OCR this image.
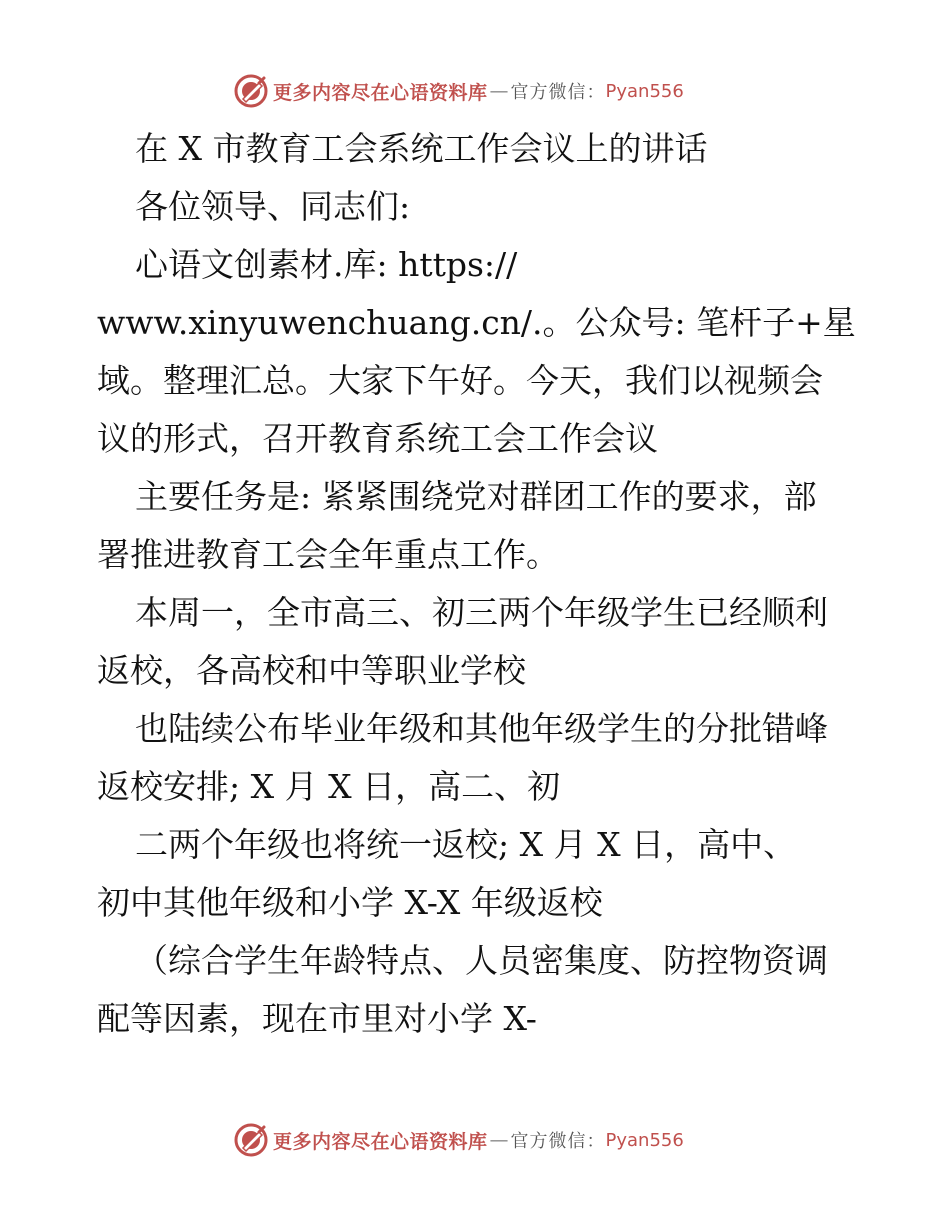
更多内容尽在心语资料库 — 官方微信： Pyan556
在 X 市教育工会系统工作会议上的讲话
各位领导、同志们:
心语文创素材.库: https://
www.xinyuwenchuang.cn/.。公众号: 笔杆子+星
域。整理汇总。大家下午好。今天，我们以视频会
议的形式，召开教育系统工会工作会议
主要任务是: 紧紧围绕党对群团工作的要求，部
署推进教育工会全年重点工作。
本周一，全市高三、初三两个年级学生已经顺利
返校，各高校和中等职业学校
也陆续公布毕业年级和其他年级学生的分批错峰
返校安排; X 月 X 日，高二、初
二两个年级也将统一返校; X 月 X 日，高中、
初中其他年级和小学 X-X 年级返校
（综合学生年龄特点、人员密集度、防控物资调
配等因素，现在市里对小学 X-
更多内容尽在心语资料库 — 官方微信： Pyan556
